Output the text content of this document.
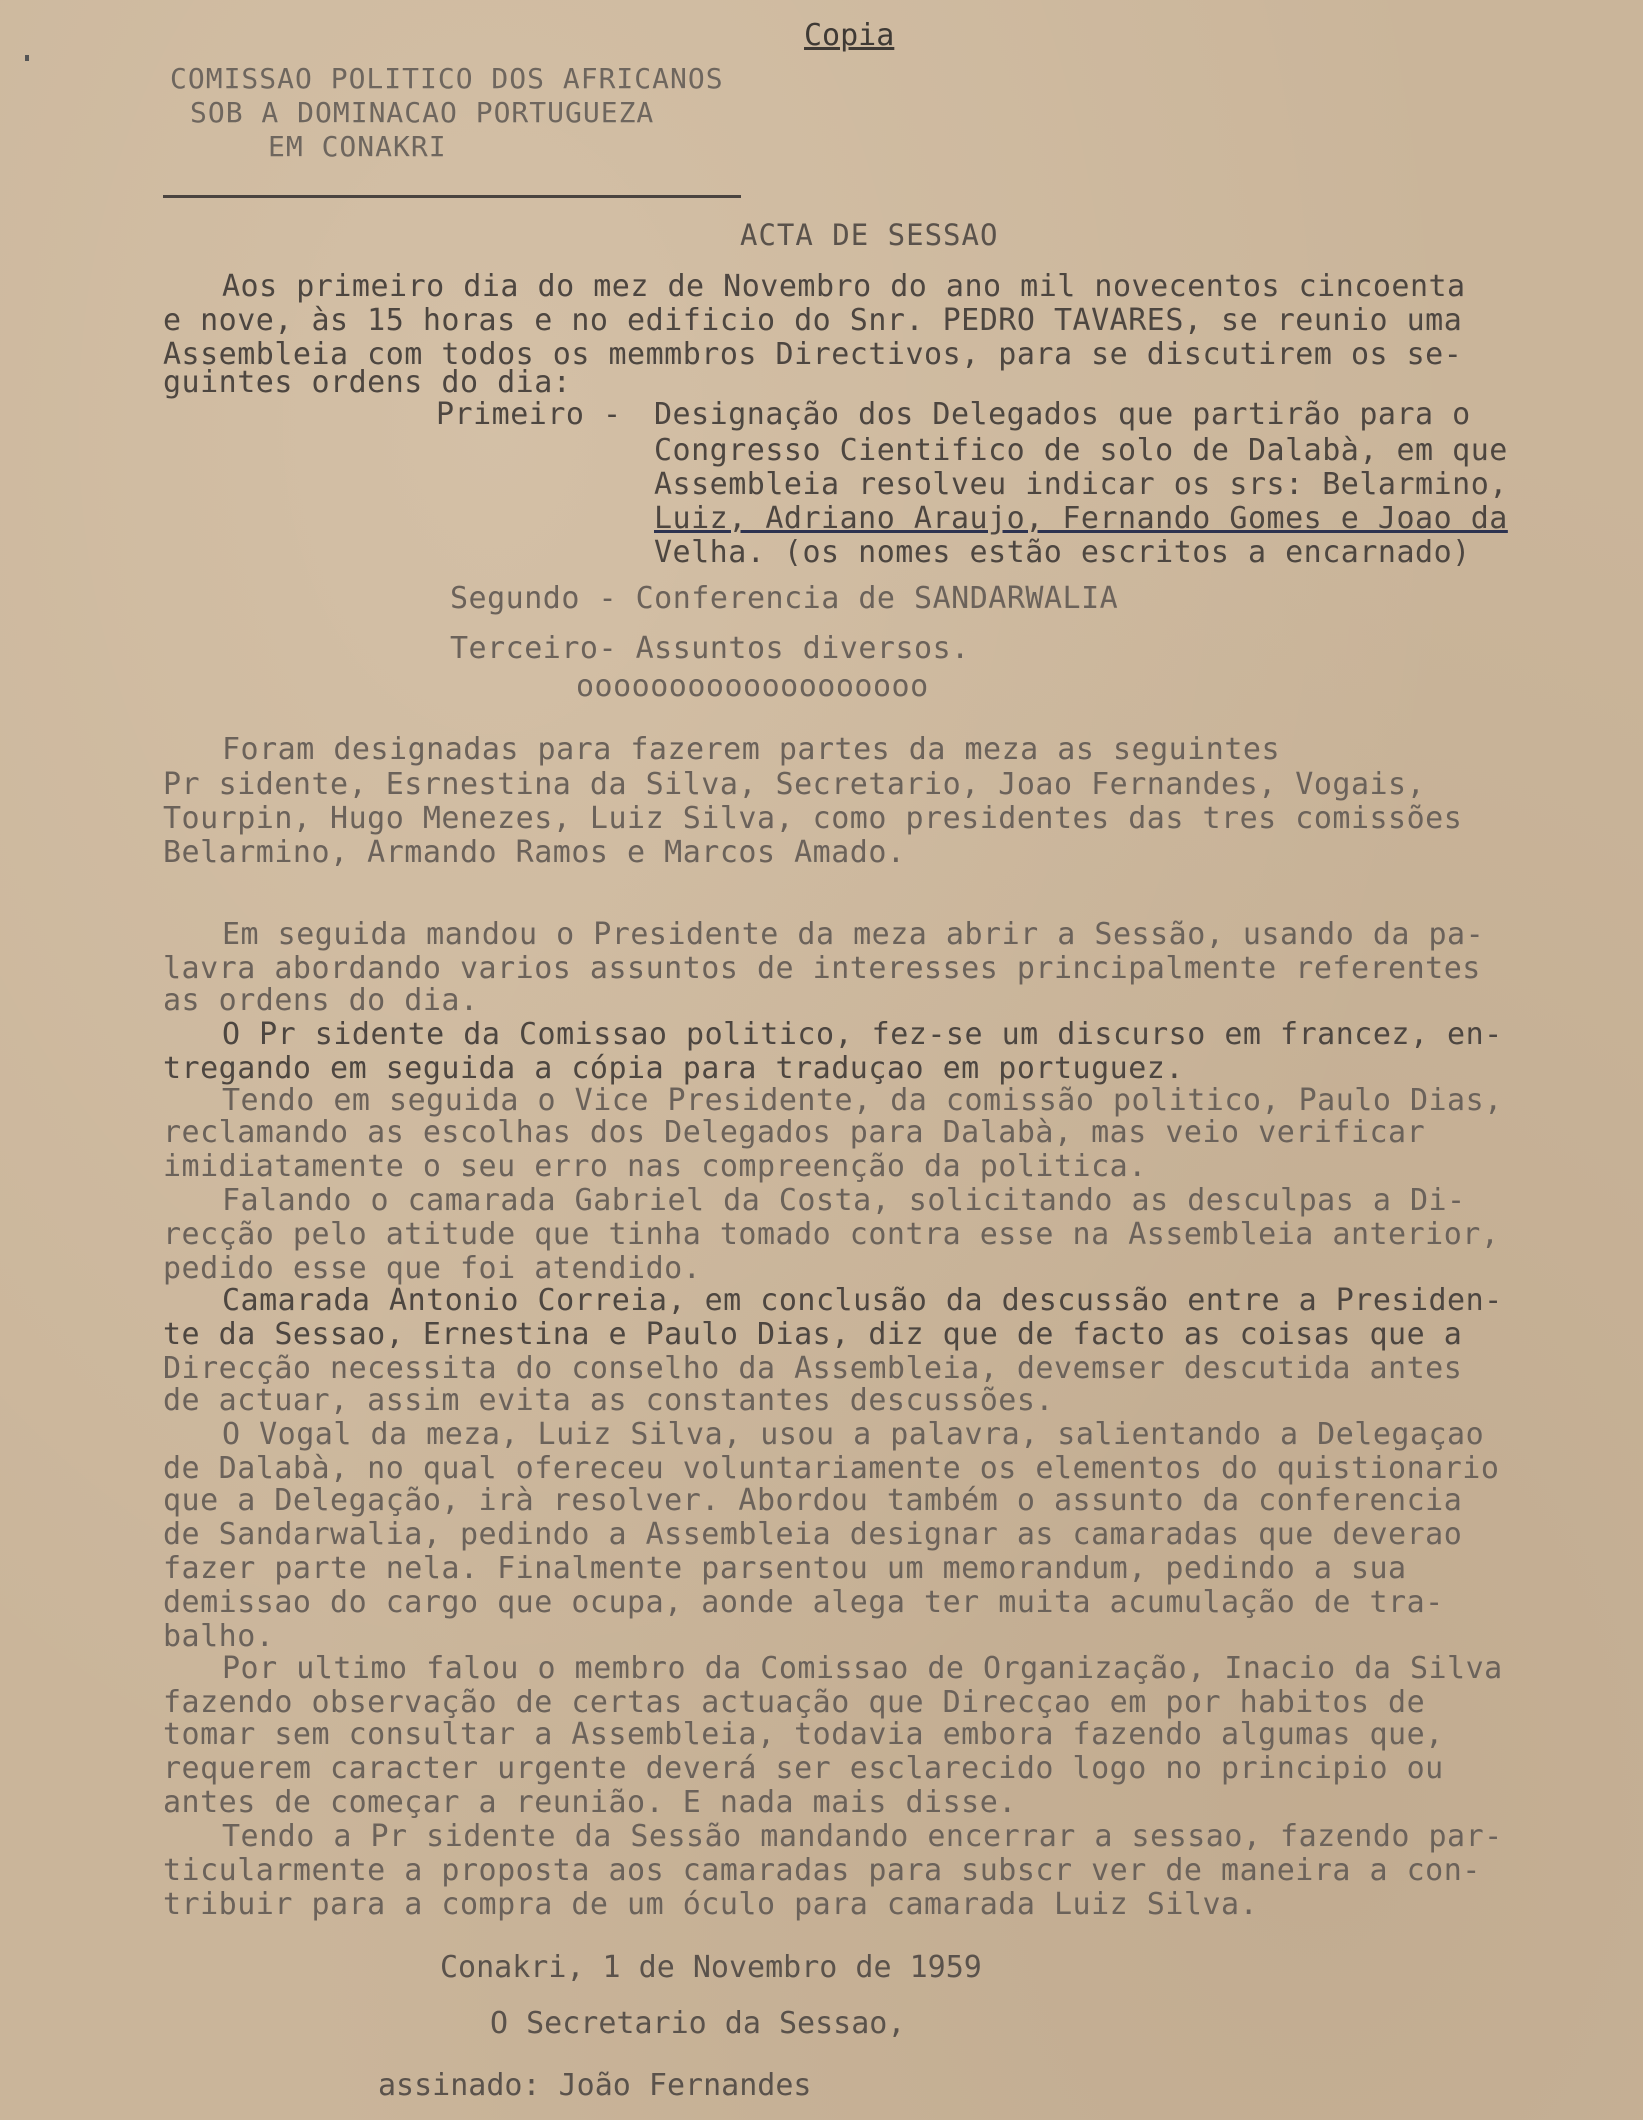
Copia
COMISSAO POLITICO DOS AFRICANOS
SOB A DOMINACAO PORTUGUEZA
EM CONAKRI
ACTA DE SESSAO
Aos primeiro dia do mez de Novembro do ano mil novecentos cincoenta
e nove, às 15 horas e no edificio do Snr. PEDRO TAVARES, se reunio uma
Assembleia com todos os memmbros Directivos, para se discutirem os se-
guintes ordens do dia:
Primeiro - Designação dos Delegados que partirão para o
Congresso Cientifico de solo de Dalabà, em que
Assembleia resolveu indicar os srs: Belarmino,
Luiz, Adriano Araujo, Fernando Gomes e Joao da
Velha. (os nomes estão escritos a encarnado)
Segundo - Conferencia de SANDARWALIA
Terceiro- Assuntos diversos.
ooooooooooooooooooo
Foram designadas para fazerem partes da meza as seguintes
Pr sidente, Esrnestina da Silva, Secretario, Joao Fernandes, Vogais,
Tourpin, Hugo Menezes, Luiz Silva, como presidentes das tres comissões
Belarmino, Armando Ramos e Marcos Amado.
Em seguida mandou o Presidente da meza abrir a Sessão, usando da pa-
lavra abordando varios assuntos de interesses principalmente referentes
as ordens do dia.
O Pr sidente da Comissao politico, fez-se um discurso em francez, en-
tregando em seguida a cópia para traduçao em portuguez.
Tendo em seguida o Vice Presidente, da comissão politico, Paulo Dias,
reclamando as escolhas dos Delegados para Dalabà, mas veio verificar
imidiatamente o seu erro nas compreenção da politica.
Falando o camarada Gabriel da Costa, solicitando as desculpas a Di-
recção pelo atitude que tinha tomado contra esse na Assembleia anterior,
pedido esse que foi atendido.
Camarada Antonio Correia, em conclusão da descussão entre a Presiden-
te da Sessao, Ernestina e Paulo Dias, diz que de facto as coisas que a
Direcção necessita do conselho da Assembleia, devemser descutida antes
de actuar, assim evita as constantes descussões.
O Vogal da meza, Luiz Silva, usou a palavra, salientando a Delegaçao
de Dalabà, no qual ofereceu voluntariamente os elementos do quistionario
que a Delegação, irà resolver. Abordou também o assunto da conferencia
de Sandarwalia, pedindo a Assembleia designar as camaradas que deverao
fazer parte nela. Finalmente parsentou um memorandum, pedindo a sua
demissao do cargo que ocupa, aonde alega ter muita acumulação de tra-
balho.
Por ultimo falou o membro da Comissao de Organização, Inacio da Silva
fazendo observação de certas actuação que Direcçao em por habitos de
tomar sem consultar a Assembleia, todavia embora fazendo algumas que,
requerem caracter urgente deverá ser esclarecido logo no principio ou
antes de começar a reunião. E nada mais disse.
Tendo a Pr sidente da Sessão mandando encerrar a sessao, fazendo par-
ticularmente a proposta aos camaradas para subscr ver de maneira a con-
tribuir para a compra de um óculo para camarada Luiz Silva.
Conakri, 1 de Novembro de 1959
O Secretario da Sessao,
assinado: João Fernandes
